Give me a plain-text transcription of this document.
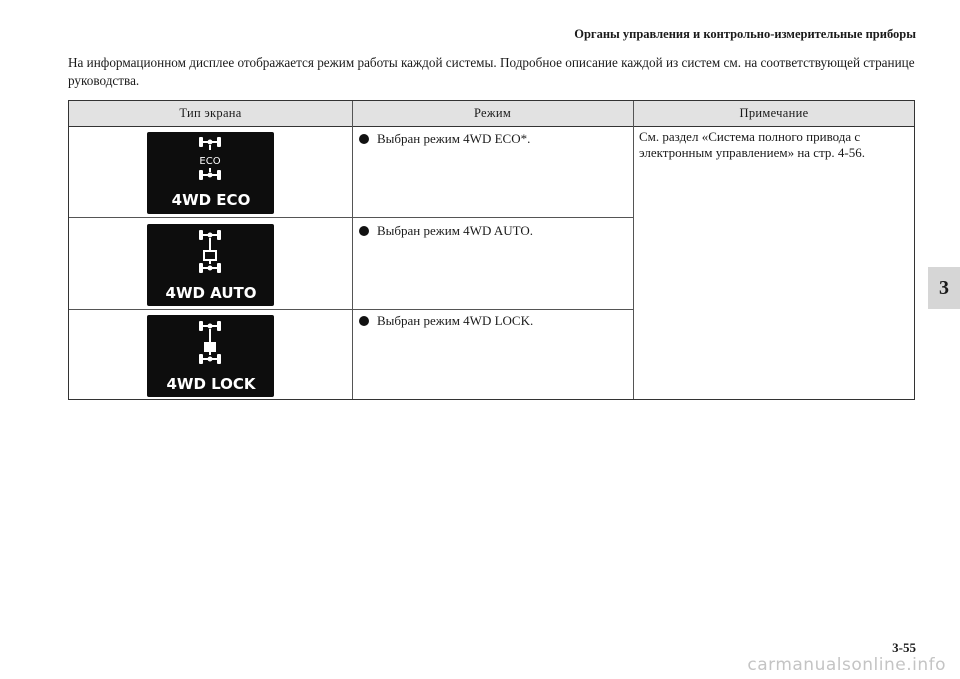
Органы управления и контрольно-измерительные приборы
На информационном дисплее отображается режим работы каждой системы. Подробное описание каждой из систем см. на соответствующей странице руководства.
3
Тип экрана	Режим	Примечание
ECO
4WD ECO
Выбран режим 4WD ECO*.
4WD AUTO
Выбран режим 4WD AUTO.
4WD LOCK
Выбран режим 4WD LOCK.
См. раздел «Система полного привода с электронным управлением» на стр. 4-56.
3-55
carmanualsonline.info
